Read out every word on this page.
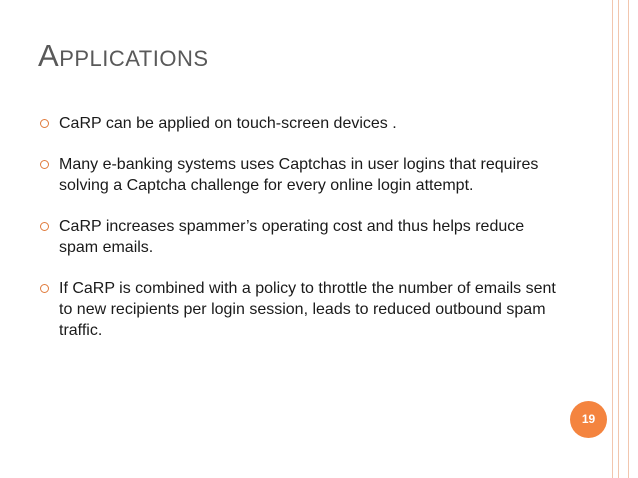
APPLICATIONS
CaRP can be applied on touch-screen devices .
Many e-banking systems uses Captchas in user logins that requires solving a Captcha challenge for every online login attempt.
CaRP increases spammer’s operating cost and thus helps reduce spam emails.
If CaRP is combined with a policy to throttle the number of emails sent to new recipients per login session, leads to reduced outbound spam traffic.
19
